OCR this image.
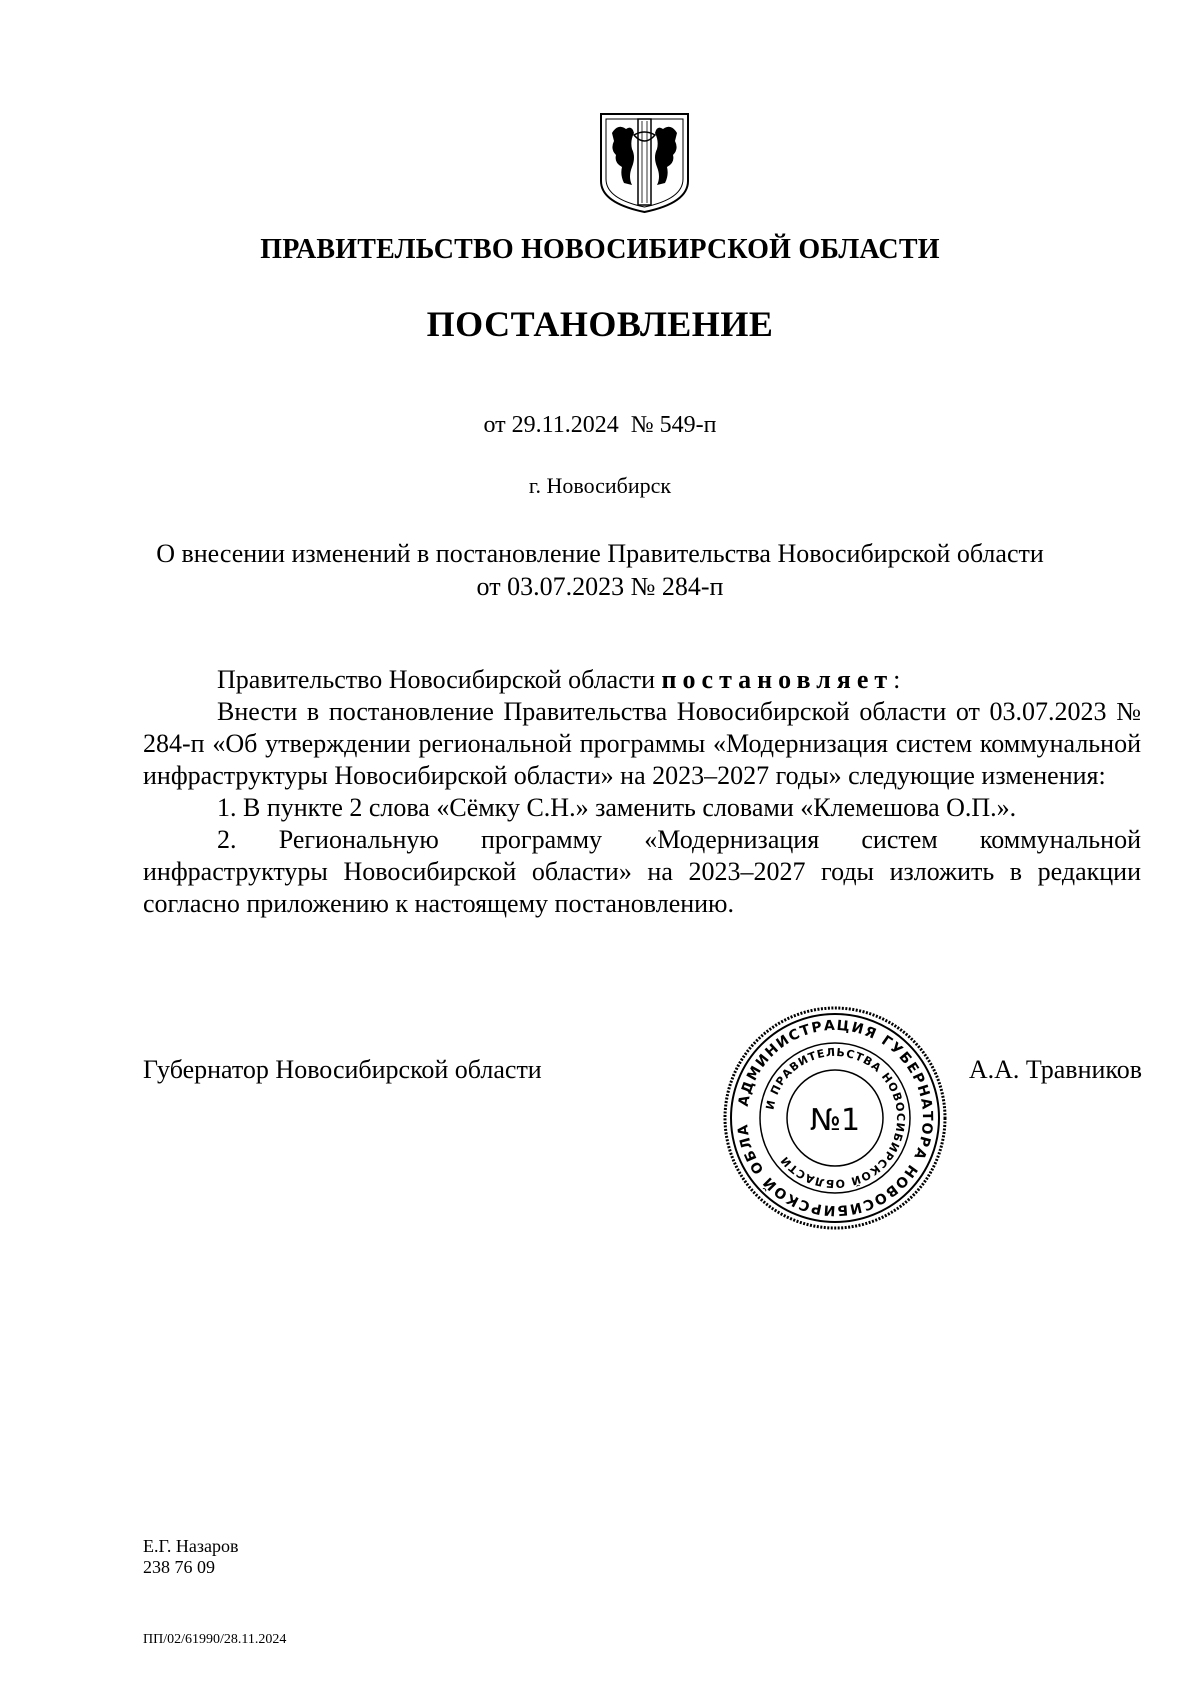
ПРАВИТЕЛЬСТВО НОВОСИБИРСКОЙ ОБЛАСТИ
ПОСТАНОВЛЕНИЕ
от 29.11.2024  № 549-п
г. Новосибирск
О внесении изменений в постановление Правительства Новосибирской области
от 03.07.2023 № 284-п

Правительство Новосибирской области постановляет:

Внести в постановление Правительства Новосибирской области от 03.07.2023 № 284-п «Об утверждении региональной программы «Модернизация систем коммунальной инфраструктуры Новосибирской области» на 2023–2027 годы» следующие изменения:

1. В пункте 2 слова «Сёмку С.Н.» заменить словами «Клемешова О.П.».

2. Региональную программу «Модернизация систем коммунальной инфраструктуры Новосибирской области» на 2023–2027 годы изложить в редакции согласно приложению к настоящему постановлению.

Губернатор Новосибирской области
АДМИНИСТРАЦИЯ ГУБЕРНАТОРА НОВОСИБИРСКОЙ ОБЛА
И ПРАВИТЕЛЬСТВА НОВОСИБИРСКОЙ ОБЛАСТИ
№1
А.А. Травников
Е.Г. Назаров
238 76 09
ПП/02/61990/28.11.2024
